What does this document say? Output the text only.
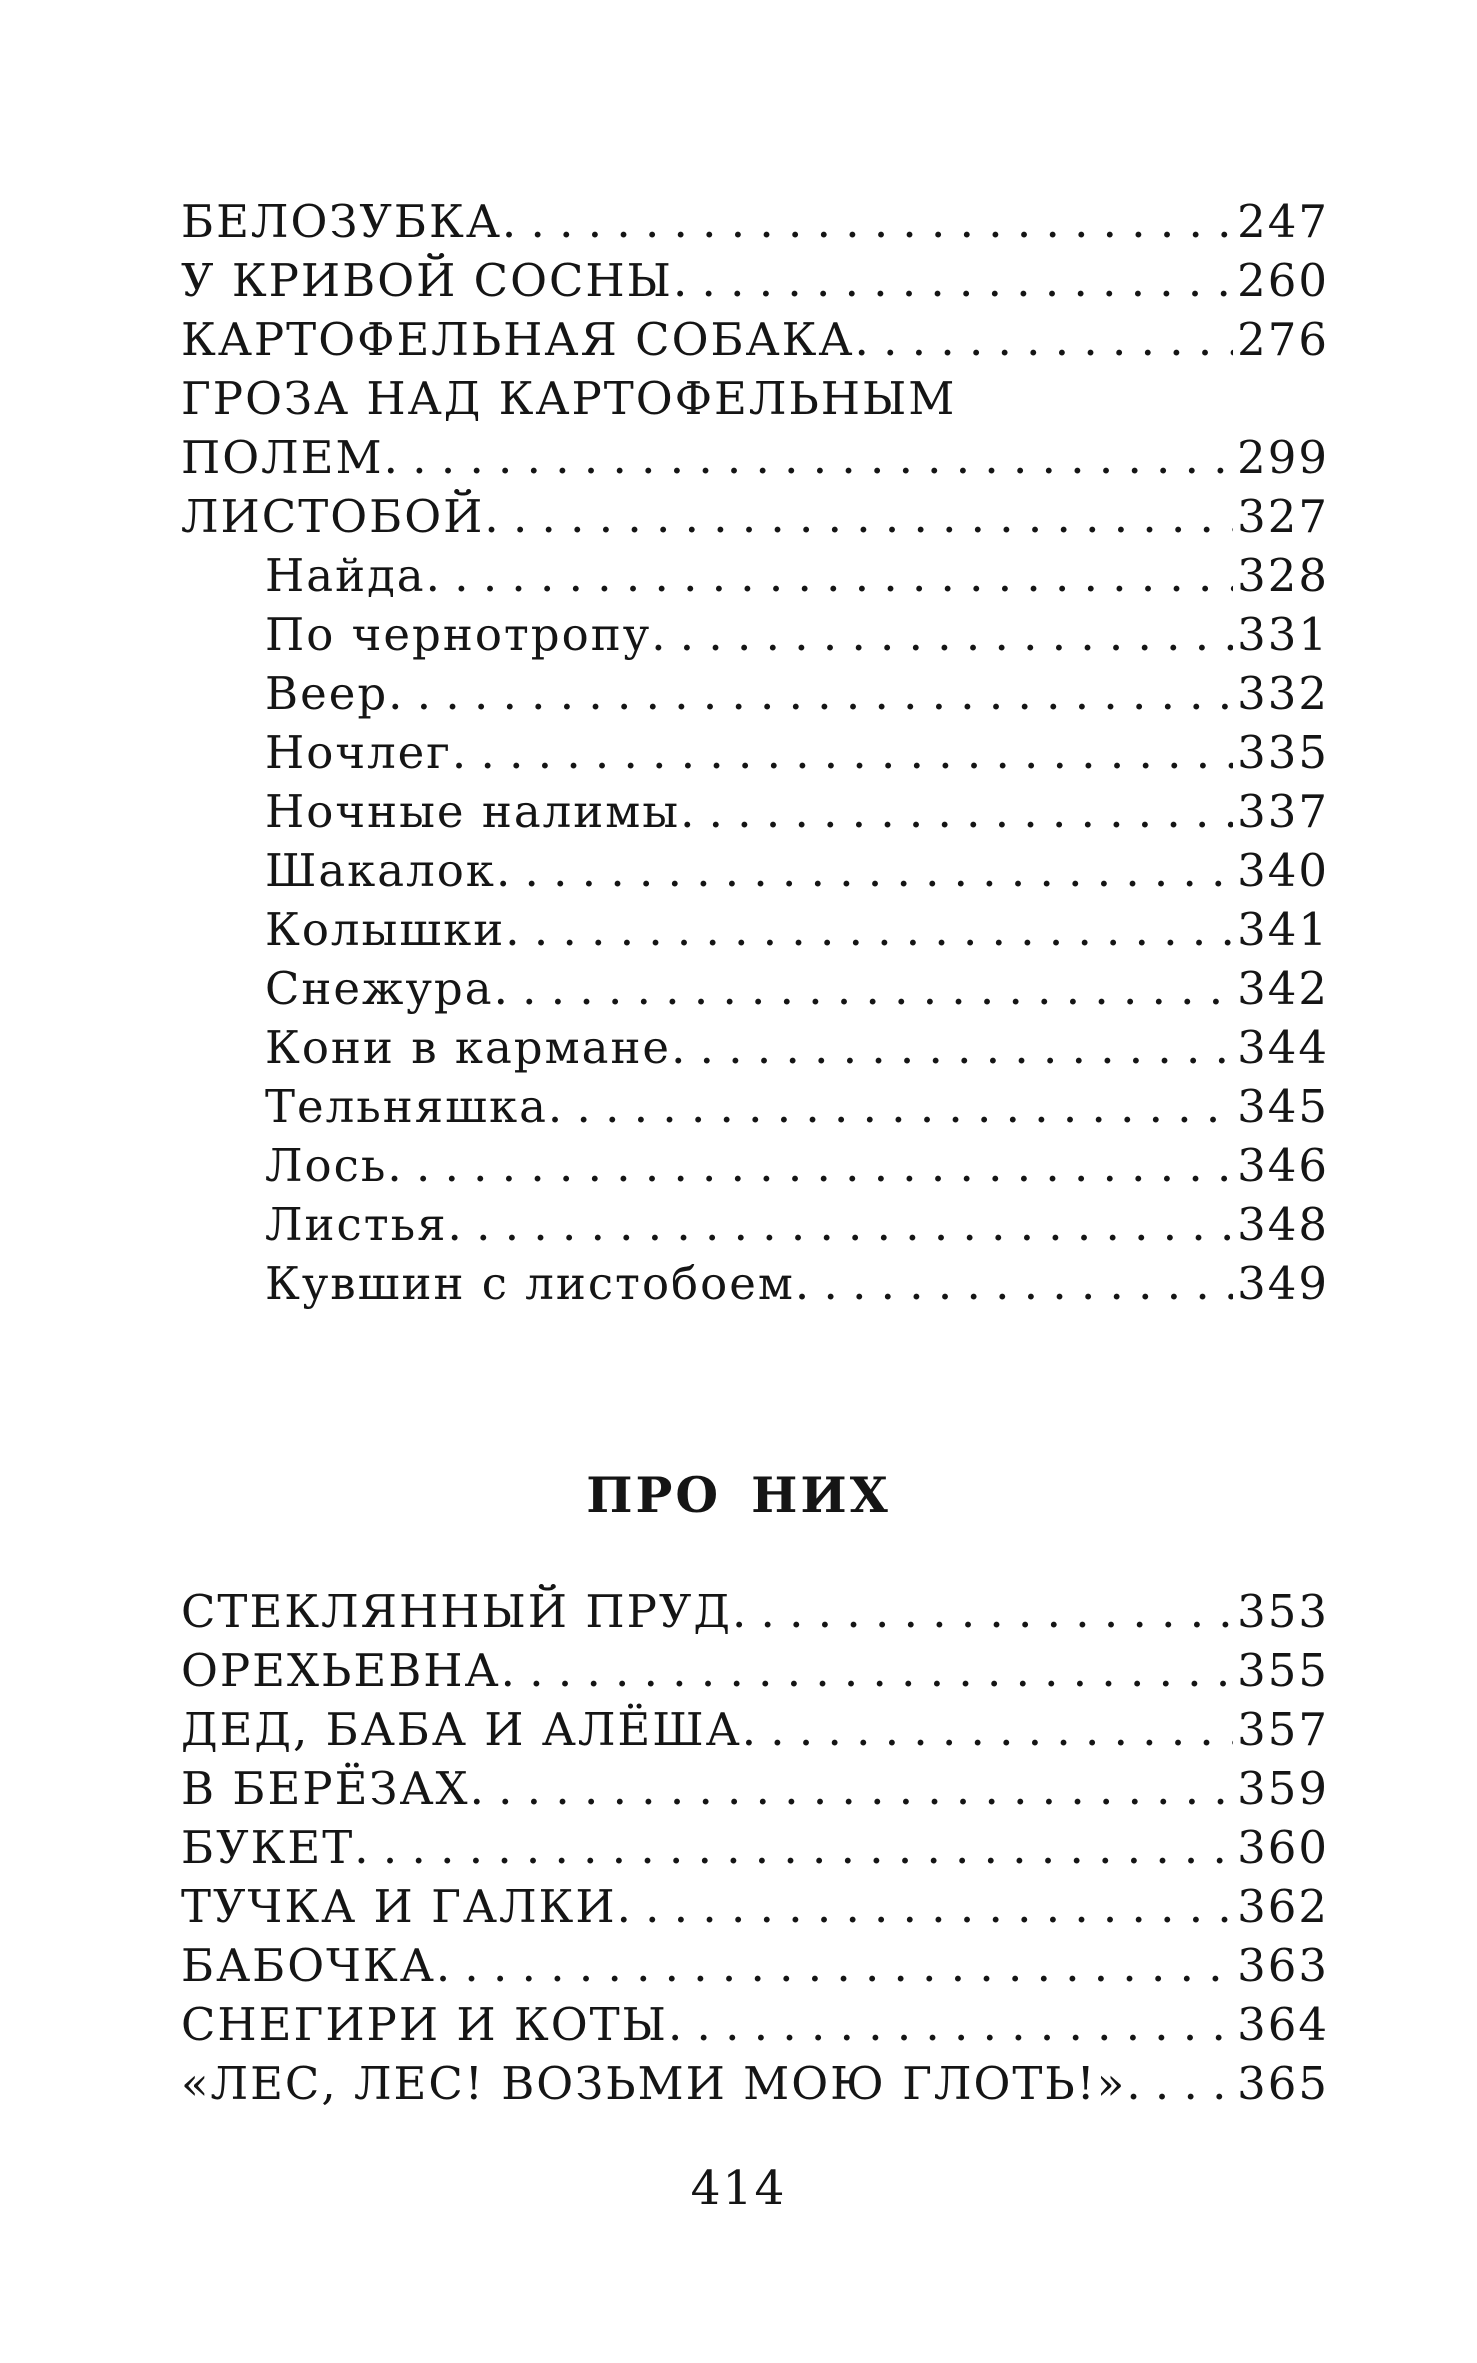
БЕЛОЗУБКА . . .	247
У КРИВОЙ СОСНЫ . . .	260
КАРТОФЕЛЬНАЯ СОБАКА . . .	276
ГРОЗА НАД КАРТОФЕЛЬНЫМ
ПОЛЕМ . . .	299
ЛИСТОБОЙ . . .	327
Найда . . .	328
По чернотропу . . .	331
Веер . . .	332
Ночлег . . .	335
Ночные налимы . . .	337
Шакалок . . .	340
Колышки . . .	341
Снежура . . .	342
Кони в кармане . . .	344
Тельняшка . . .	345
Лось . . .	346
Листья . . .	348
Кувшин с листобоем . . .	349
ПРО НИХ
СТЕКЛЯННЫЙ ПРУД . . .	353
ОРЕХЬЕВНА . . .	355
ДЕД, БАБА И АЛЁША . . .	357
В БЕРЁЗАХ . . .	359
БУКЕТ . . .	360
ТУЧКА И ГАЛКИ . . .	362
БАБОЧКА . . .	363
СНЕГИРИ И КОТЫ . . .	364
«ЛЕС, ЛЕС! ВОЗЬМИ МОЮ ГЛОТЬ!» . . . 365
414
